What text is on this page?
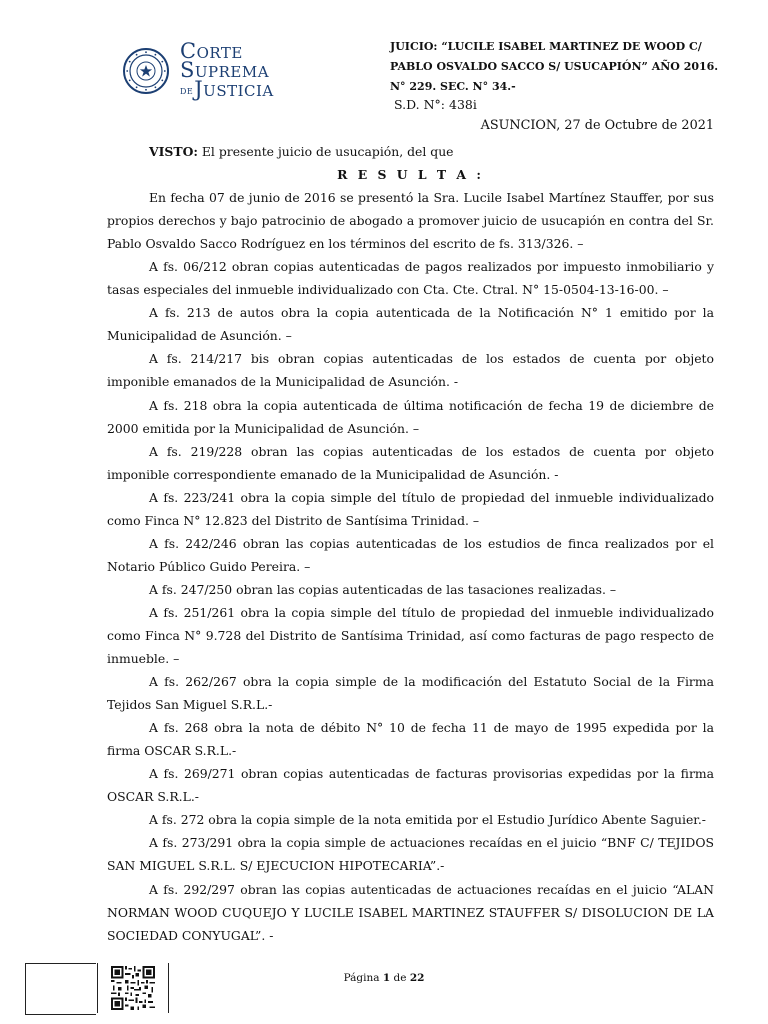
Corte
Suprema
deJusticia
JUICIO: “LUCILE ISABEL MARTINEZ DE WOOD C/ PABLO OSVALDO SACCO S/ USUCAPIÓN” AÑO 2016. N° 229. SEC. N° 34.-
S.D. N°: 438i
ASUNCION, 27 de Octubre de 2021

VISTO: El presente juicio de usucapión, del que

R E S U L T A :

En fecha 07 de junio de 2016 se presentó la Sra. Lucile Isabel Martínez Stauffer, por sus propios derechos y bajo patrocinio de abogado a promover juicio de usucapión en contra del Sr. Pablo Osvaldo Sacco Rodríguez en los términos del escrito de fs. 313/326. –

A fs. 06/212 obran copias autenticadas de pagos realizados por impuesto inmobiliario y tasas especiales del inmueble individualizado con Cta. Cte. Ctral. N° 15-0504-13-16-00. –

A fs. 213 de autos obra la copia autenticada de la Notificación N° 1 emitido por la Municipalidad de Asunción. –

A fs. 214/217 bis obran copias autenticadas de los estados de cuenta por objeto imponible emanados de la Municipalidad de Asunción. -

A fs. 218 obra la copia autenticada de última notificación de fecha 19 de diciembre de 2000 emitida por la Municipalidad de Asunción. –

A fs. 219/228 obran las copias autenticadas de los estados de cuenta por objeto imponible correspondiente emanado de la Municipalidad de Asunción. -

A fs. 223/241 obra la copia simple del título de propiedad del inmueble individualizado como Finca N° 12.823 del Distrito de Santísima Trinidad. –

A fs. 242/246 obran las copias autenticadas de los estudios de finca realizados por el Notario Público Guido Pereira. –

A fs. 247/250 obran las copias autenticadas de las tasaciones realizadas. –

A fs. 251/261 obra la copia simple del título de propiedad del inmueble individualizado como Finca N° 9.728 del Distrito de Santísima Trinidad, así como facturas de pago respecto de inmueble. –

A fs. 262/267 obra la copia simple de la modificación del Estatuto Social de la Firma Tejidos San Miguel S.R.L.-

A fs. 268 obra la nota de débito N° 10 de fecha 11 de mayo de 1995 expedida por la firma OSCAR S.R.L.-

A fs. 269/271 obran copias autenticadas de facturas provisorias expedidas por la firma OSCAR S.R.L.-

A fs. 272 obra la copia simple de la nota emitida por el Estudio Jurídico Abente Saguier.-

A fs. 273/291 obra la copia simple de actuaciones recaídas en el juicio “BNF C/ TEJIDOS SAN MIGUEL S.R.L. S/ EJECUCION HIPOTECARIA”.-

A fs. 292/297 obran las copias autenticadas de actuaciones recaídas en el juicio “ALAN NORMAN WOOD CUQUEJO Y LUCILE ISABEL MARTINEZ STAUFFER S/ DISOLUCION DE LA SOCIEDAD CONYUGAL”. -

Página 1 de 22
